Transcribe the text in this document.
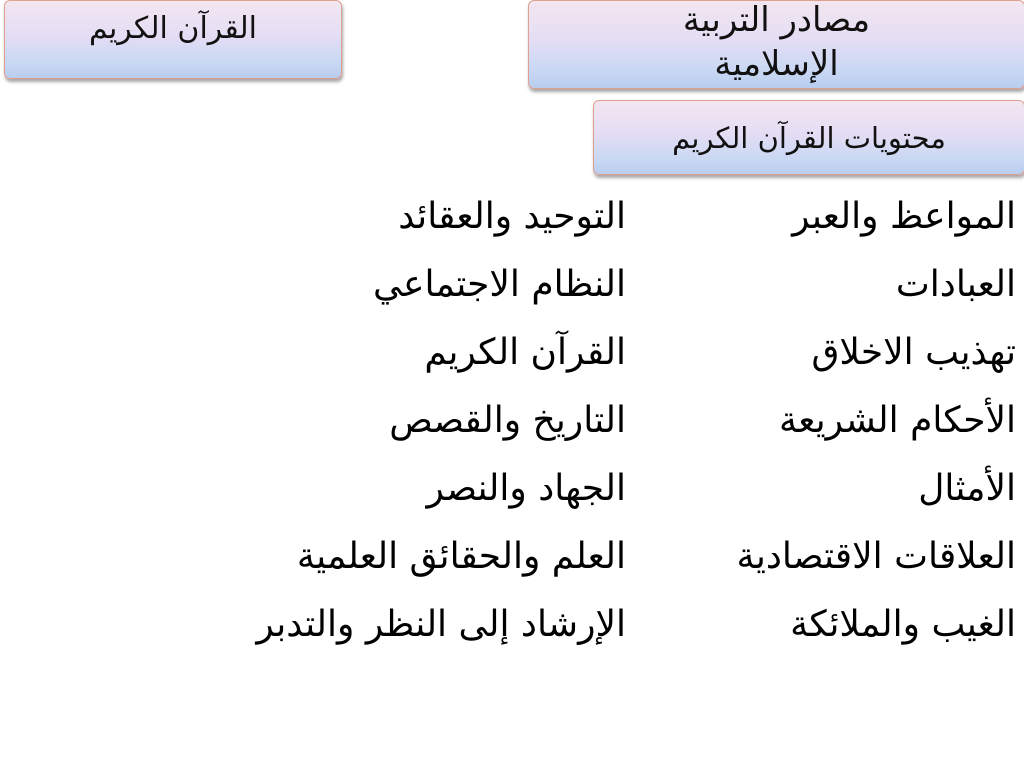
القرآن الكريم	مصادر التربية
الإسلامية
محتويات القرآن الكريم
المواعظ والعبر
التوحيد والعقائد
العبادات
النظام الاجتماعي
تهذيب الاخلاق
القرآن الكريم
الأحكام الشريعة
التاريخ والقصص
الأمثال
الجهاد والنصر
العلاقات الاقتصادية
العلم والحقائق العلمية
الغيب والملائكة
الإرشاد إلى النظر والتدبر
